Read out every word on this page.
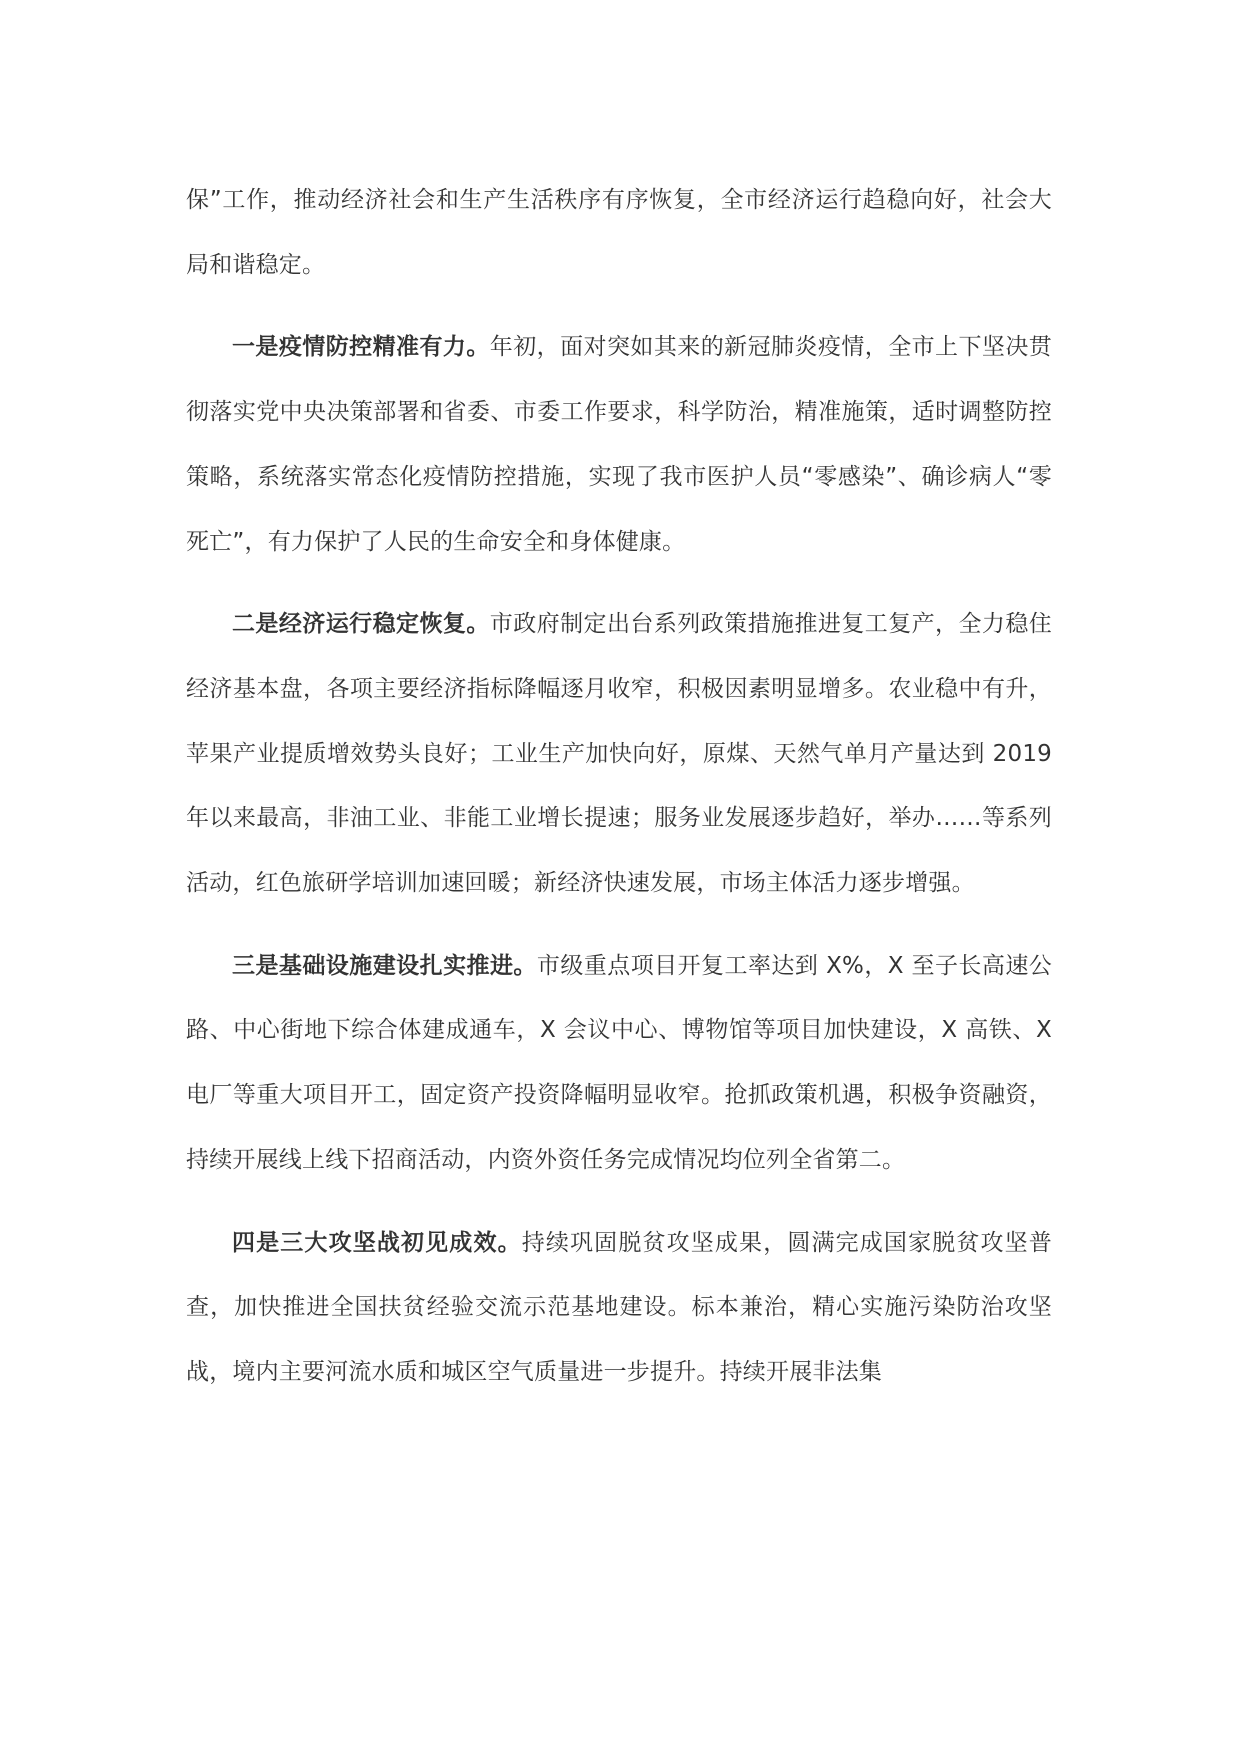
保”工作，推动经济社会和生产生活秩序有序恢复，全市经济运行趋稳向好，社会大局和谐稳定。

一是疫情防控精准有力。年初，面对突如其来的新冠肺炎疫情，全市上下坚决贯彻落实党中央决策部署和省委、市委工作要求，科学防治，精准施策，适时调整防控策略，系统落实常态化疫情防控措施，实现了我市医护人员“零感染”、确诊病人“零死亡”，有力保护了人民的生命安全和身体健康。

二是经济运行稳定恢复。市政府制定出台系列政策措施推进复工复产，全力稳住经济基本盘，各项主要经济指标降幅逐月收窄，积极因素明显增多。农业稳中有升，苹果产业提质增效势头良好；工业生产加快向好，原煤、天然气单月产量达到 2019 年以来最高，非油工业、非能工业增长提速；服务业发展逐步趋好，举办……等系列活动，红色旅研学培训加速回暖；新经济快速发展，市场主体活力逐步增强。

三是基础设施建设扎实推进。市级重点项目开复工率达到 X%，X 至子长高速公路、中心街地下综合体建成通车，X 会议中心、博物馆等项目加快建设，X 高铁、X 电厂等重大项目开工，固定资产投资降幅明显收窄。抢抓政策机遇，积极争资融资，持续开展线上线下招商活动，内资外资任务完成情况均位列全省第二。

四是三大攻坚战初见成效。持续巩固脱贫攻坚成果，圆满完成国家脱贫攻坚普查，加快推进全国扶贫经验交流示范基地建设。标本兼治，精心实施污染防治攻坚战，境内主要河流水质和城区空气质量进一步提升。持续开展非法集
